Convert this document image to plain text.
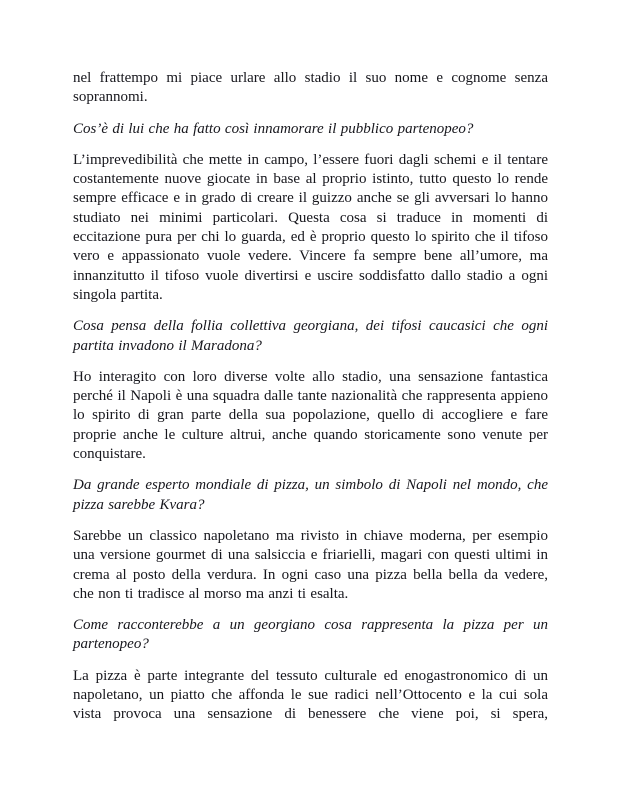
nel frattempo mi piace urlare allo stadio il suo nome e cognome senza soprannomi.

Cos’è di lui che ha fatto così innamorare il pubblico partenopeo?

L’imprevedibilità che mette in campo, l’essere fuori dagli schemi e il tentare costantemente nuove giocate in base al proprio istinto, tutto questo lo rende sempre efficace e in grado di creare il guizzo anche se gli avversari lo hanno studiato nei minimi particolari. Questa cosa si traduce in momenti di eccitazione pura per chi lo guarda, ed è proprio questo lo spirito che il tifoso vero e appassionato vuole vedere. Vincere fa sempre bene all’umore, ma innanzitutto il tifoso vuole divertirsi e uscire soddisfatto dallo stadio a ogni singola partita.

Cosa pensa della follia collettiva georgiana, dei tifosi caucasici che ogni partita invadono il Maradona?

Ho interagito con loro diverse volte allo stadio, una sensazione fantastica perché il Napoli è una squadra dalle tante nazionalità che rappresenta appieno lo spirito di gran parte della sua popolazione, quello di accogliere e fare proprie anche le culture altrui, anche quando storicamente sono venute per conquistare.

Da grande esperto mondiale di pizza, un simbolo di Napoli nel mondo, che pizza sarebbe Kvara?

Sarebbe un classico napoletano ma rivisto in chiave moderna, per esempio una versione gourmet di una salsiccia e friarielli, magari con questi ultimi in crema al posto della verdura. In ogni caso una pizza bella bella da vedere, che non ti tradisce al morso ma anzi ti esalta.

Come racconterebbe a un georgiano cosa rappresenta la pizza per un partenopeo?

La pizza è parte integrante del tessuto culturale ed enogastronomico di un napoletano, un piatto che affonda le sue radici nell’Ottocento e la cui sola vista provoca una sensazione di benessere che viene poi, si spera,
